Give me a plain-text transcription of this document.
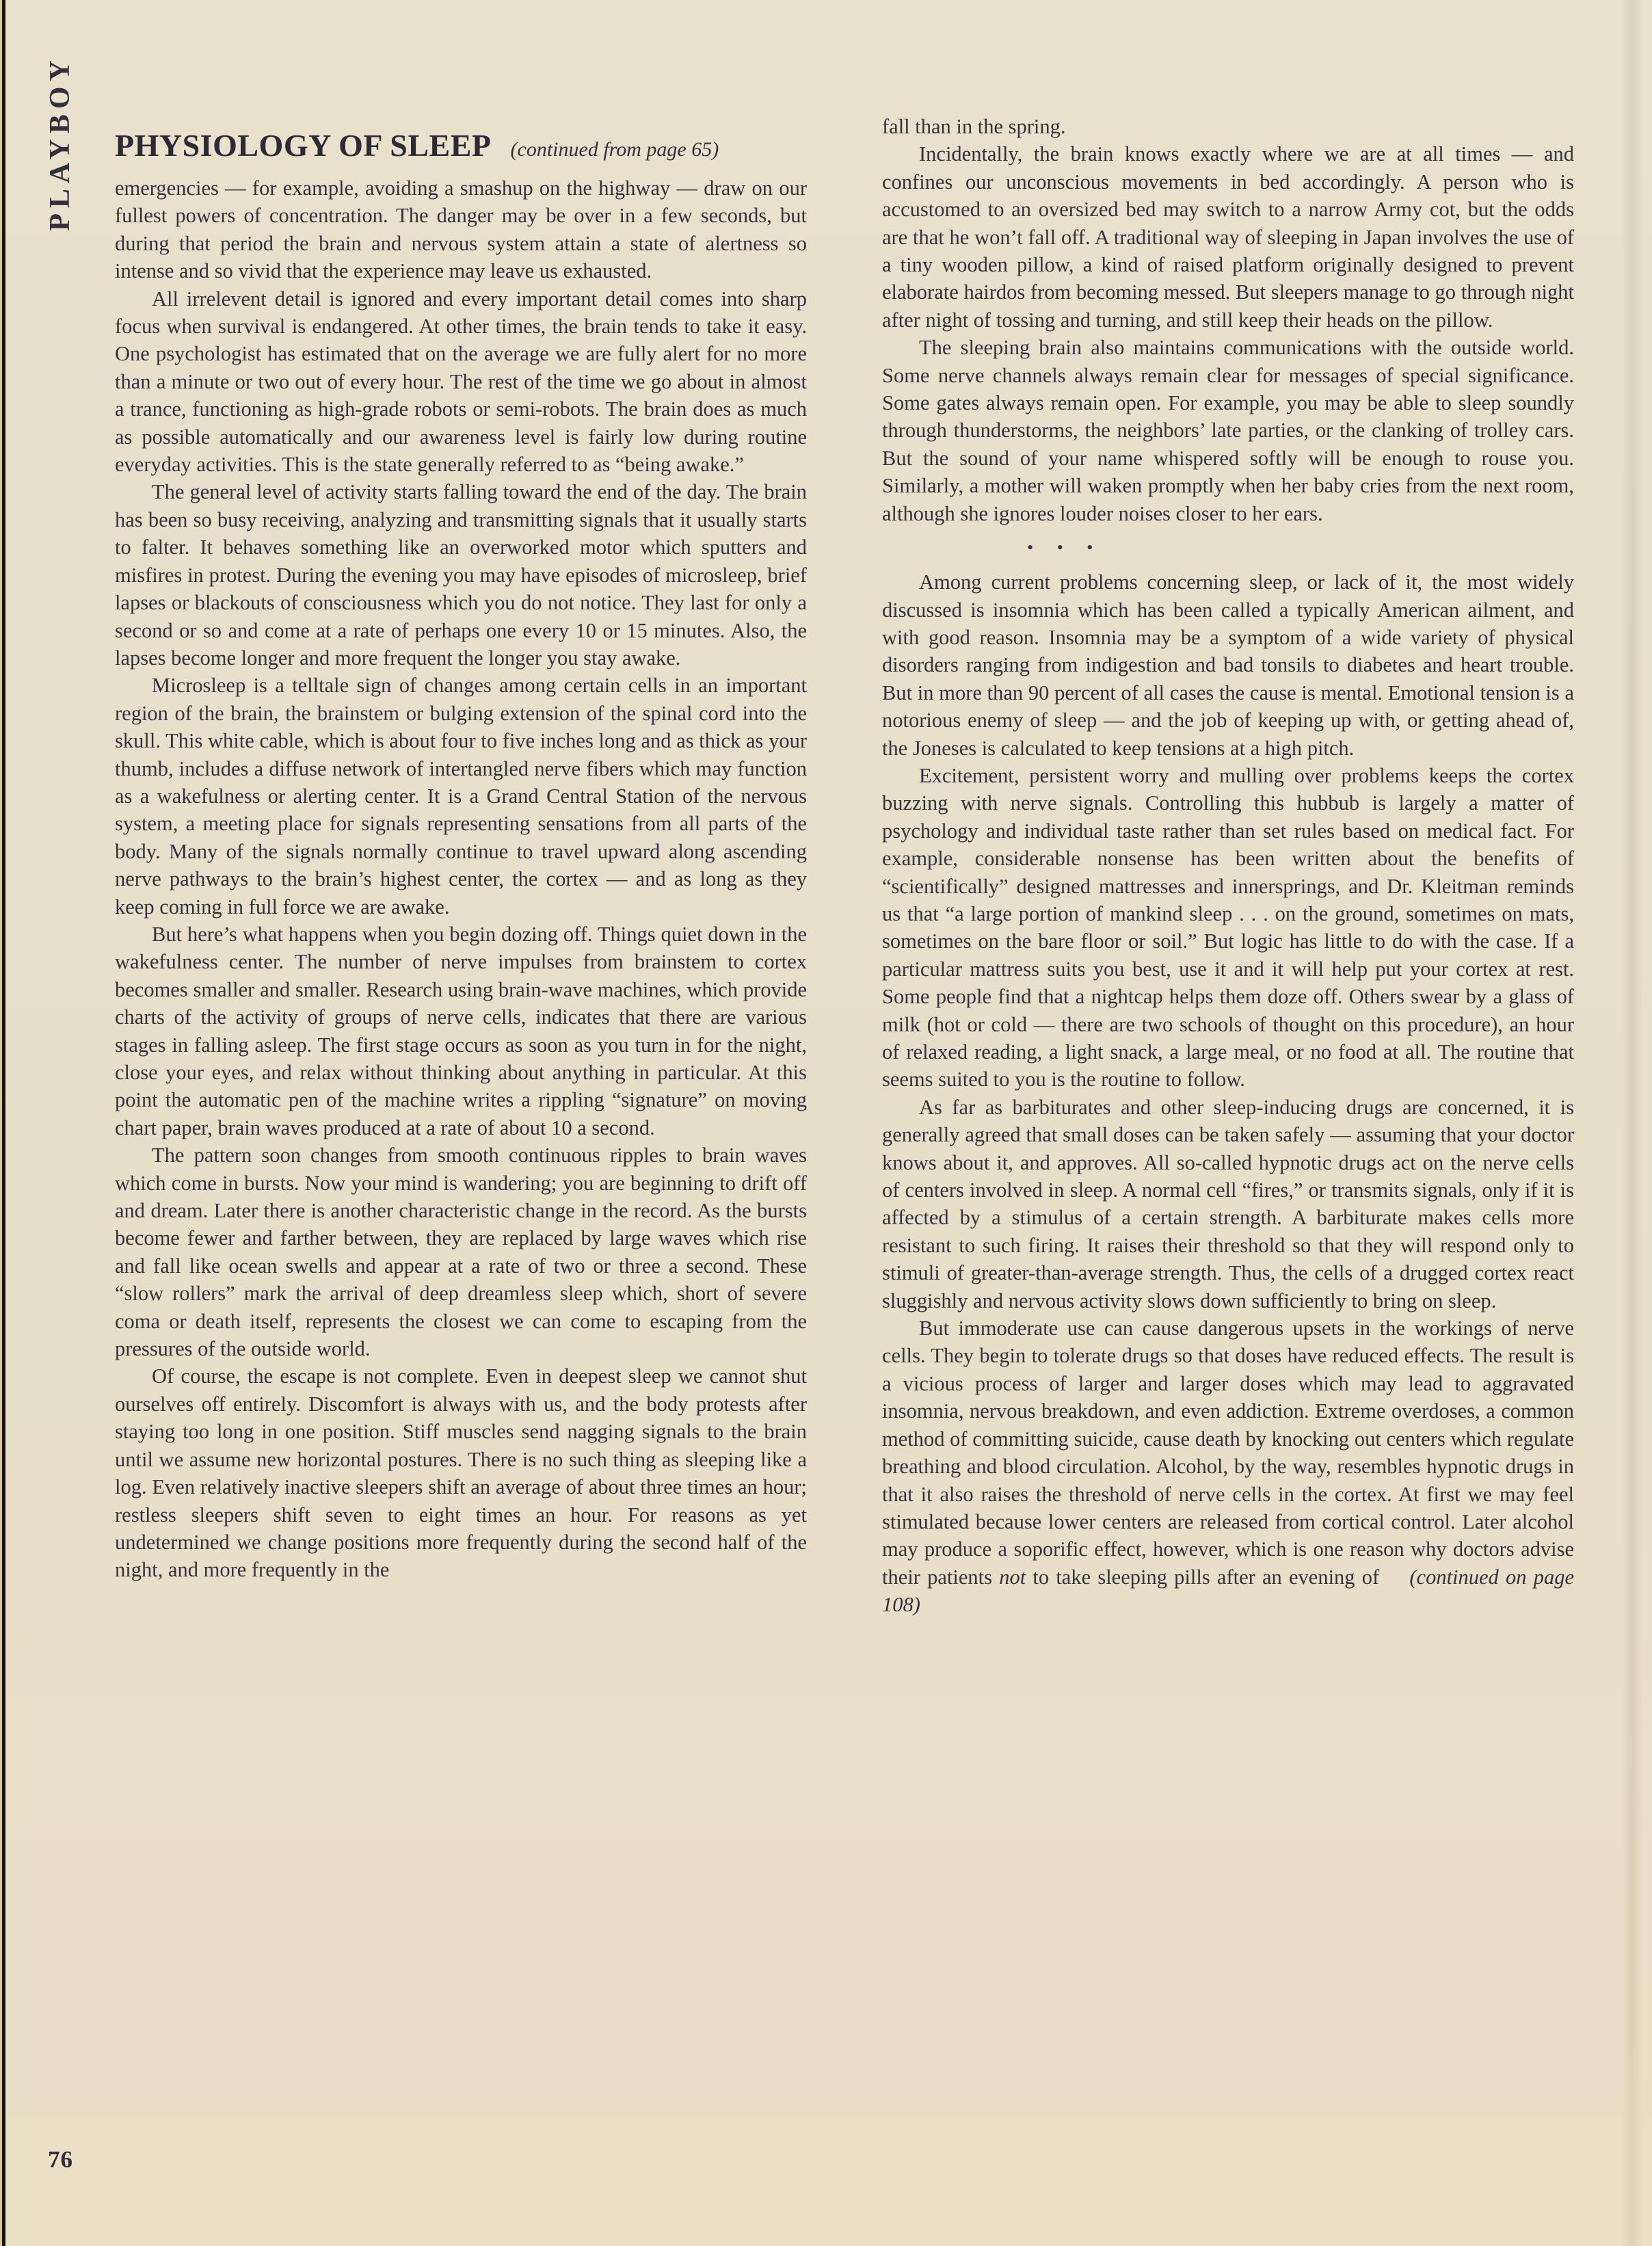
PLAYBOY PHYSIOLOGY OF SLEEP (continued from page 65)

emergencies — for example, avoiding a smashup on the highway — draw on our fullest powers of concentration. The danger may be over in a few seconds, but during that period the brain and nervous system attain a state of alertness so intense and so vivid that the experience may leave us exhausted.

All irrelevent detail is ignored and every important detail comes into sharp focus when survival is endangered. At other times, the brain tends to take it easy. One psychologist has estimated that on the average we are fully alert for no more than a minute or two out of every hour. The rest of the time we go about in almost a trance, functioning as high-grade robots or semi-robots. The brain does as much as possible automatically and our awareness level is fairly low during routine everyday activities. This is the state generally referred to as “being awake.”

The general level of activity starts falling toward the end of the day. The brain has been so busy receiving, analyzing and transmitting signals that it usually starts to falter. It behaves something like an overworked motor which sputters and misfires in protest. During the evening you may have episodes of microsleep, brief lapses or blackouts of consciousness which you do not notice. They last for only a second or so and come at a rate of perhaps one every 10 or 15 minutes. Also, the lapses become longer and more frequent the longer you stay awake.

Microsleep is a telltale sign of changes among certain cells in an important region of the brain, the brainstem or bulging extension of the spinal cord into the skull. This white cable, which is about four to five inches long and as thick as your thumb, includes a diffuse network of intertangled nerve fibers which may function as a wakefulness or alerting center. It is a Grand Central Station of the nervous system, a meeting place for signals representing sensations from all parts of the body. Many of the signals normally continue to travel upward along ascending nerve pathways to the brain’s highest center, the cortex — and as long as they keep coming in full force we are awake.

But here’s what happens when you begin dozing off. Things quiet down in the wakefulness center. The number of nerve impulses from brainstem to cortex becomes smaller and smaller. Research using brain-wave machines, which provide charts of the activity of groups of nerve cells, indicates that there are various stages in falling asleep. The first stage occurs as soon as you turn in for the night, close your eyes, and relax without thinking about anything in particular. At this point the automatic pen of the machine writes a rippling “signature” on moving chart paper, brain waves produced at a rate of about 10 a second.

The pattern soon changes from smooth continuous ripples to brain waves which come in bursts. Now your mind is wandering; you are beginning to drift off and dream. Later there is another characteristic change in the record. As the bursts become fewer and farther between, they are replaced by large waves which rise and fall like ocean swells and appear at a rate of two or three a second. These “slow rollers” mark the arrival of deep dreamless sleep which, short of severe coma or death itself, represents the closest we can come to escaping from the pressures of the outside world.

Of course, the escape is not complete. Even in deepest sleep we cannot shut ourselves off entirely. Discomfort is always with us, and the body protests after staying too long in one position. Stiff muscles send nagging signals to the brain until we assume new horizontal postures. There is no such thing as sleeping like a log. Even relatively inactive sleepers shift an average of about three times an hour; restless sleepers shift seven to eight times an hour. For reasons as yet undetermined we change positions more frequently during the second half of the night, and more frequently in the

fall than in the spring.

Incidentally, the brain knows exactly where we are at all times — and confines our unconscious movements in bed accordingly. A person who is accustomed to an oversized bed may switch to a narrow Army cot, but the odds are that he won’t fall off. A traditional way of sleeping in Japan involves the use of a tiny wooden pillow, a kind of raised platform originally designed to prevent elaborate hairdos from becoming messed. But sleepers manage to go through night after night of tossing and turning, and still keep their heads on the pillow.

The sleeping brain also maintains communications with the outside world. Some nerve channels always remain clear for messages of special significance. Some gates always remain open. For example, you may be able to sleep soundly through thunderstorms, the neighbors’ late parties, or the clanking of trolley cars. But the sound of your name whispered softly will be enough to rouse you. Similarly, a mother will waken promptly when her baby cries from the next room, although she ignores louder noises closer to her ears.

• • •

Among current problems concerning sleep, or lack of it, the most widely discussed is insomnia which has been called a typically American ailment, and with good reason. Insomnia may be a symptom of a wide variety of physical disorders ranging from indigestion and bad tonsils to diabetes and heart trouble. But in more than 90 percent of all cases the cause is mental. Emotional tension is a notorious enemy of sleep — and the job of keeping up with, or getting ahead of, the Joneses is calculated to keep tensions at a high pitch.

Excitement, persistent worry and mulling over problems keeps the cortex buzzing with nerve signals. Controlling this hubbub is largely a matter of psychology and individual taste rather than set rules based on medical fact. For example, considerable nonsense has been written about the benefits of “scientifically” designed mattresses and innersprings, and Dr. Kleitman reminds us that “a large portion of mankind sleep . . . on the ground, sometimes on mats, sometimes on the bare floor or soil.” But logic has little to do with the case. If a particular mattress suits you best, use it and it will help put your cortex at rest. Some people find that a nightcap helps them doze off. Others swear by a glass of milk (hot or cold — there are two schools of thought on this procedure), an hour of relaxed reading, a light snack, a large meal, or no food at all. The routine that seems suited to you is the routine to follow.

As far as barbiturates and other sleep-inducing drugs are concerned, it is generally agreed that small doses can be taken safely — assuming that your doctor knows about it, and approves. All so-called hypnotic drugs act on the nerve cells of centers involved in sleep. A normal cell “fires,” or transmits signals, only if it is affected by a stimulus of a certain strength. A barbiturate makes cells more resistant to such firing. It raises their threshold so that they will respond only to stimuli of greater-than-average strength. Thus, the cells of a drugged cortex react sluggishly and nervous activity slows down sufficiently to bring on sleep.

But immoderate use can cause dangerous upsets in the workings of nerve cells. They begin to tolerate drugs so that doses have reduced effects. The result is a vicious process of larger and larger doses which may lead to aggravated insomnia, nervous breakdown, and even addiction. Extreme overdoses, a common method of committing suicide, cause death by knocking out centers which regulate breathing and blood circulation. Alcohol, by the way, resembles hypnotic drugs in that it also raises the threshold of nerve cells in the cortex. At first we may feel stimulated because lower centers are released from cortical control. Later alcohol may produce a soporific effect, however, which is one reason why doctors advise their patients not to take sleeping pills after an evening of (continued on page 108)

76
